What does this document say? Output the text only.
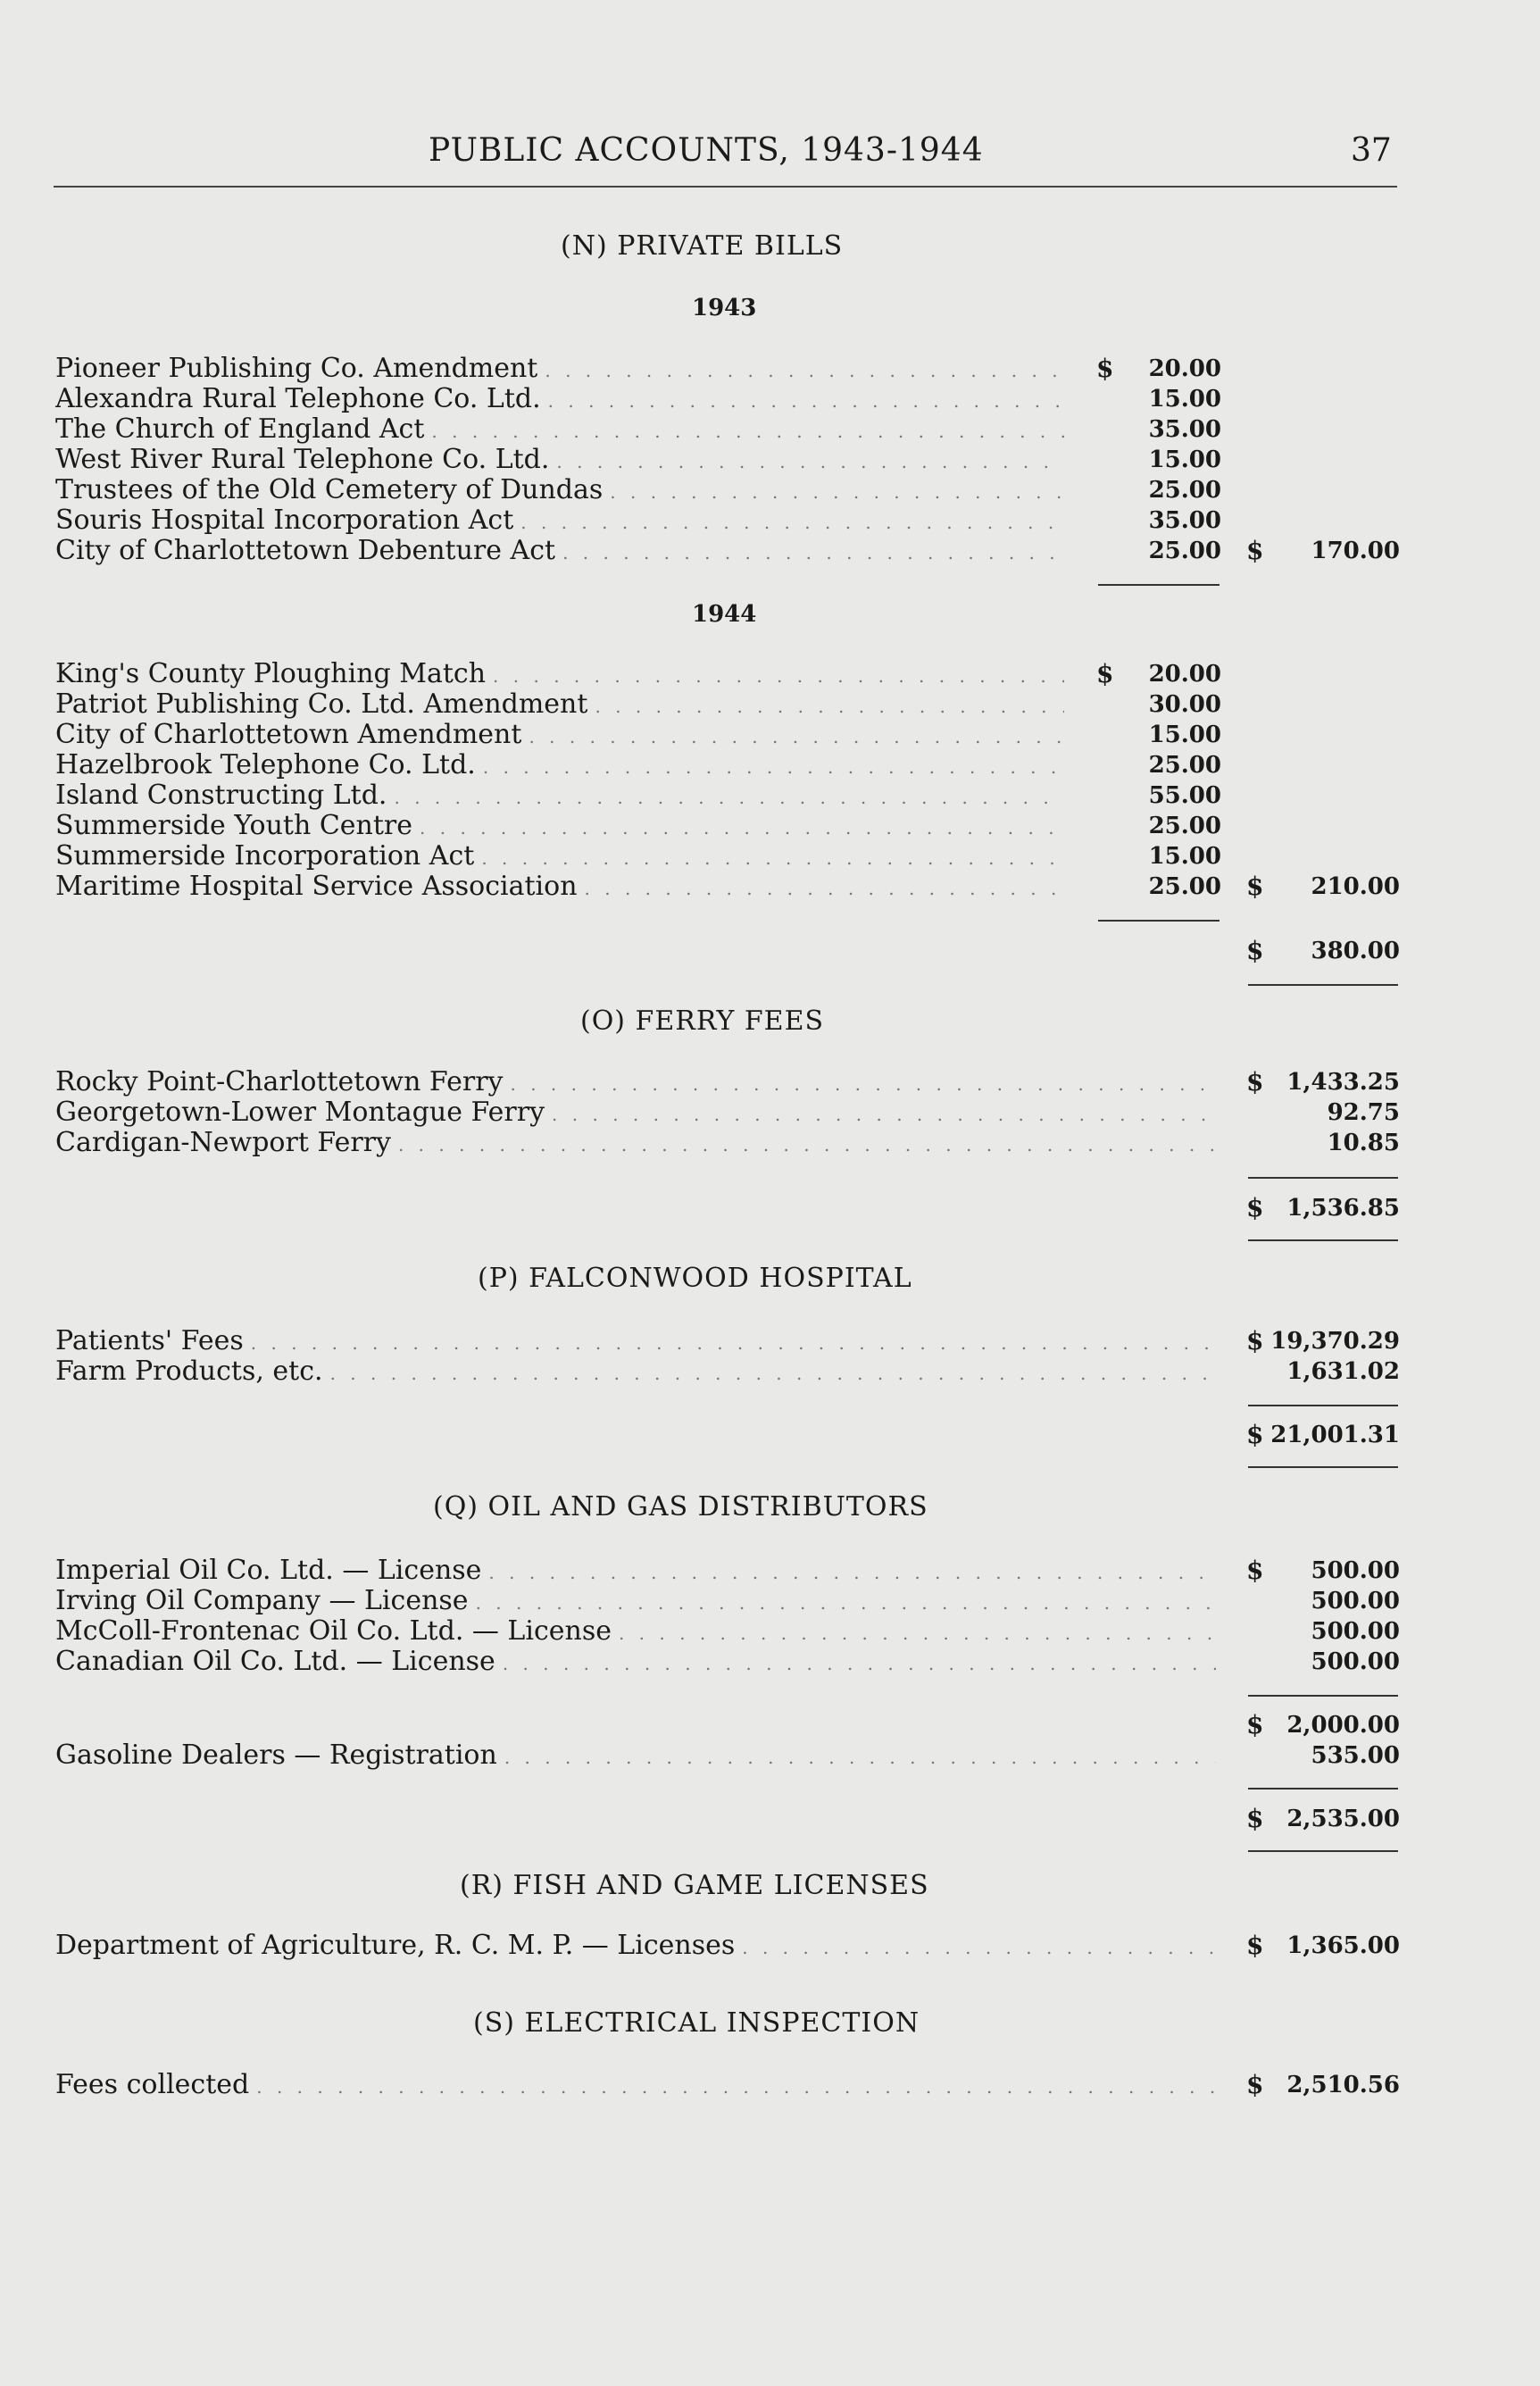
PUBLIC ACCOUNTS, 1943-1944	37
(N) PRIVATE BILLS
1943
Pioneer Publishing Co. Amendment . . .	$	20.00
Alexandra Rural Telephone Co. Ltd. . . .	15.00
The Church of England Act . . .	35.00
West River Rural Telephone Co. Ltd. . . .	15.00
Trustees of the Old Cemetery of Dundas . . .	25.00
Souris Hospital Incorporation Act . . .	35.00
City of Charlottetown Debenture Act . . .	25.00 $	170.00
1944
King's County Ploughing Match . . .	$	20.00
Patriot Publishing Co. Ltd. Amendment . . .	30.00
City of Charlottetown Amendment . . .	15.00
Hazelbrook Telephone Co. Ltd. . . .	25.00
Island Constructing Ltd. . . .	55.00
Summerside Youth Centre . . .	25.00
Summerside Incorporation Act . . .	15.00
Maritime Hospital Service Association . . .	25.00 $	210.00
$	380.00
(O) FERRY FEES
Rocky Point-Charlottetown Ferry . . .	$ 1,433.25
Georgetown-Lower Montague Ferry . . .	92.75
Cardigan-Newport Ferry . . .	10.85
$ 1,536.85
(P) FALCONWOOD HOSPITAL
Patients' Fees . . .	$ 19,370.29
Farm Products, etc. . . .	1,631.02
$ 21,001.31
(Q) OIL AND GAS DISTRIBUTORS
Imperial Oil Co. Ltd. — License . . .	$	500.00
Irving Oil Company — License . . .	500.00
McColl-Frontenac Oil Co. Ltd. — License . . .	500.00
Canadian Oil Co. Ltd. — License . . .	500.00
$ 2,000.00
Gasoline Dealers — Registration . . .	535.00
$ 2,535.00
(R) FISH AND GAME LICENSES
Department of Agriculture, R. C. M. P. — Licenses . . .	$ 1,365.00
(S) ELECTRICAL INSPECTION
Fees collected . . .	$ 2,510.56
